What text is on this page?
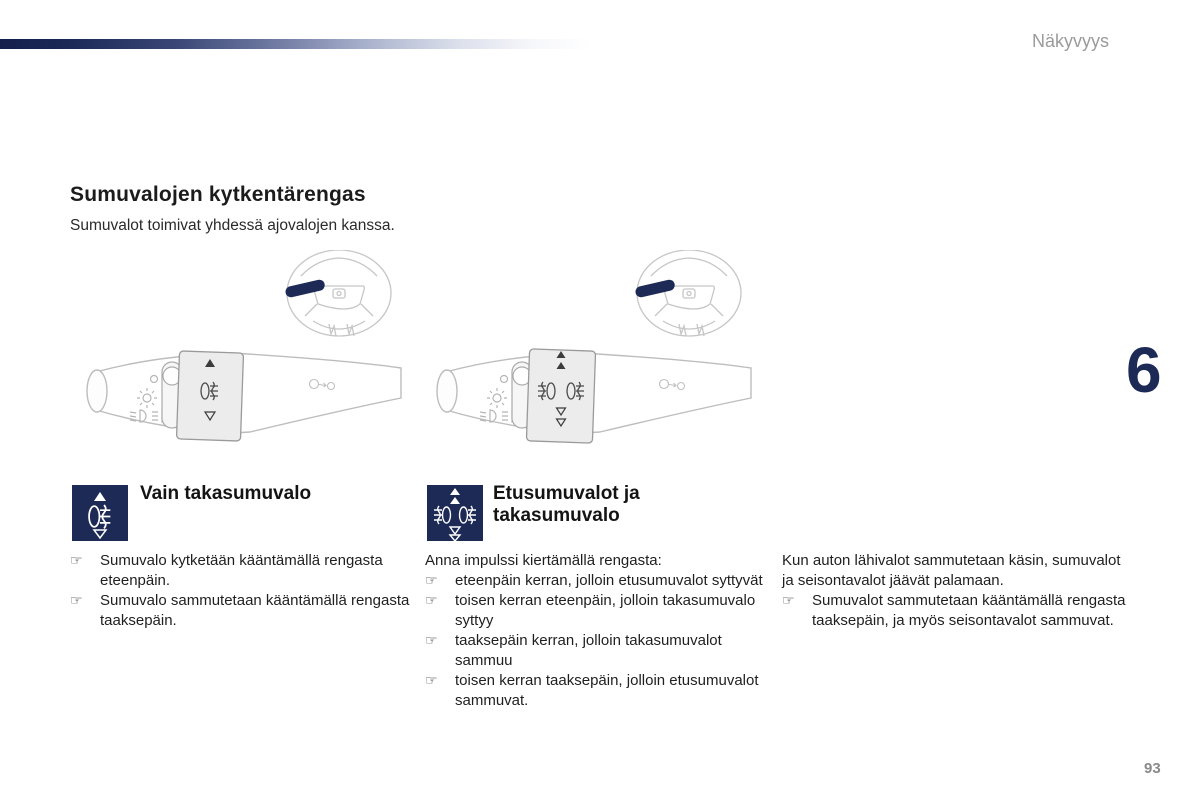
Näkyvyys
6
Sumuvalojen kytkentärengas
Sumuvalot toimivat yhdessä ajovalojen kanssa.
Vain takasumuvalo	Etusumuvalot ja takasumuvalo
☞	Sumuvalo kytketään kääntämällä rengasta eteenpäin.
☞	Sumuvalo sammutetaan kääntämällä rengasta taaksepäin.

Anna impulssi kiertämällä rengasta:

☞	eteenpäin kerran, jolloin etusumuvalot syttyvät
☞	toisen kerran eteenpäin, jolloin takasumuvalo syttyy
☞	taaksepäin kerran, jolloin takasumuvalot sammuu
☞	toisen kerran taaksepäin, jolloin etusumuvalot sammuvat.

Kun auton lähivalot sammutetaan käsin, sumuvalot ja seisontavalot jäävät palamaan.

☞	Sumuvalot sammutetaan kääntämällä rengasta taaksepäin, ja myös seisontavalot sammuvat.
93
